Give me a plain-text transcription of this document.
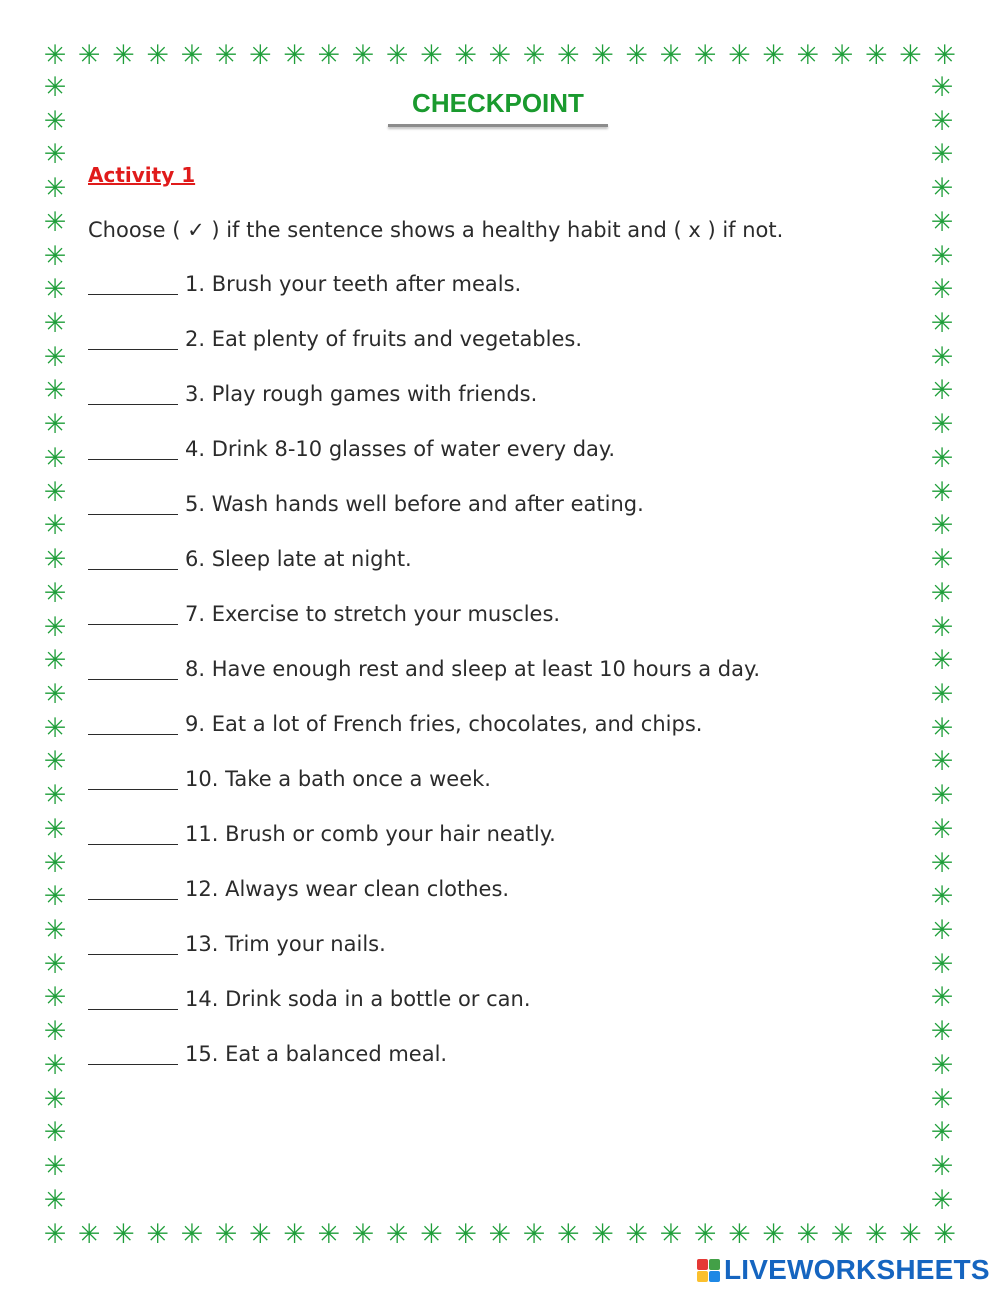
✳ ✳ ✳ ✳ ✳ ✳ ✳ ✳ ✳ ✳ ✳ ✳ ✳ ✳ ✳ ✳ ✳ ✳ ✳ ✳ ✳ ✳ ✳ ✳ ✳ ✳ ✳
✳ ✳ ✳ ✳ ✳ ✳ ✳ ✳ ✳ ✳ ✳ ✳ ✳ ✳ ✳ ✳ ✳ ✳ ✳ ✳ ✳ ✳ ✳ ✳ ✳ ✳ ✳
✳
✳
✳
✳
✳
✳
✳
✳
✳
✳
✳
✳
✳
✳
✳
✳
✳
✳
✳
✳
✳
✳
✳
✳
✳
✳
✳
✳
✳
✳
✳
✳
✳
✳
✳
✳
✳
✳
✳
✳
✳
✳
✳
✳
✳
✳
✳
✳
✳
✳
✳
✳
✳
✳
✳
✳
✳
✳
✳
✳
✳
✳
✳
✳
✳
✳
✳
✳
CHECKPOINT
Activity 1
Choose ( ✓ ) if the sentence shows a healthy habit and ( x ) if not.
1. Brush your teeth after meals.
2. Eat plenty of fruits and vegetables.
3. Play rough games with friends.
4. Drink 8-10 glasses of water every day.
5. Wash hands well before and after eating.
6. Sleep late at night.
7. Exercise to stretch your muscles.
8. Have enough rest and sleep at least 10 hours a day.
9. Eat a lot of French fries, chocolates, and chips.
10. Take a bath once a week.
11. Brush or comb your hair neatly.
12. Always wear clean clothes.
13. Trim your nails.
14. Drink soda in a bottle or can.
15. Eat a balanced meal.
LIVEWORKSHEETS
